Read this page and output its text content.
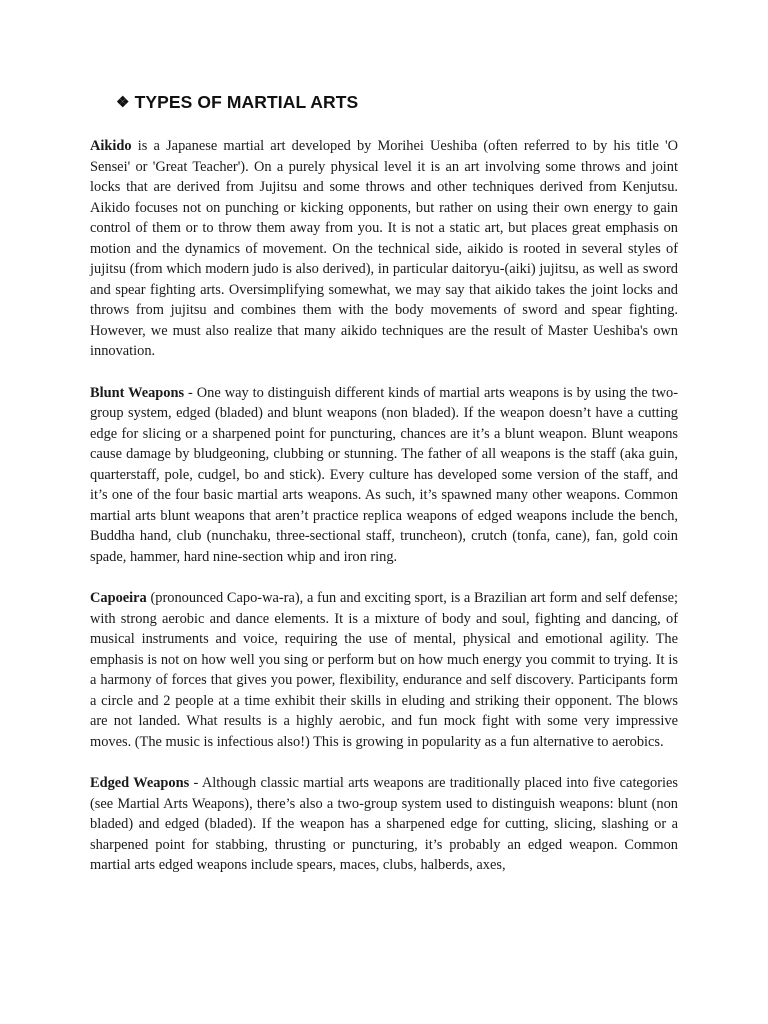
❖ TYPES OF MARTIAL ARTS

Aikido is a Japanese martial art developed by Morihei Ueshiba (often referred to by his title 'O Sensei' or 'Great Teacher'). On a purely physical level it is an art involving some throws and joint locks that are derived from Jujitsu and some throws and other techniques derived from Kenjutsu. Aikido focuses not on punching or kicking opponents, but rather on using their own energy to gain control of them or to throw them away from you. It is not a static art, but places great emphasis on motion and the dynamics of movement. On the technical side, aikido is rooted in several styles of jujitsu (from which modern judo is also derived), in particular daitoryu-(aiki) jujitsu, as well as sword and spear fighting arts. Oversimplifying somewhat, we may say that aikido takes the joint locks and throws from jujitsu and combines them with the body movements of sword and spear fighting. However, we must also realize that many aikido techniques are the result of Master Ueshiba's own innovation.

Blunt Weapons - One way to distinguish different kinds of martial arts weapons is by using the two-group system, edged (bladed) and blunt weapons (non bladed). If the weapon doesn’t have a cutting edge for slicing or a sharpened point for puncturing, chances are it’s a blunt weapon. Blunt weapons cause damage by bludgeoning, clubbing or stunning. The father of all weapons is the staff (aka guin, quarterstaff, pole, cudgel, bo and stick). Every culture has developed some version of the staff, and it’s one of the four basic martial arts weapons. As such, it’s spawned many other weapons. Common martial arts blunt weapons that aren’t practice replica weapons of edged weapons include the bench, Buddha hand, club (nunchaku, three-sectional staff, truncheon), crutch (tonfa, cane), fan, gold coin spade, hammer, hard nine-section whip and iron ring.

Capoeira (pronounced Capo-wa-ra), a fun and exciting sport, is a Brazilian art form and self defense; with strong aerobic and dance elements. It is a mixture of body and soul, fighting and dancing, of musical instruments and voice, requiring the use of mental, physical and emotional agility. The emphasis is not on how well you sing or perform but on how much energy you commit to trying. It is a harmony of forces that gives you power, flexibility, endurance and self discovery. Participants form a circle and 2 people at a time exhibit their skills in eluding and striking their opponent. The blows are not landed. What results is a highly aerobic, and fun mock fight with some very impressive moves. (The music is infectious also!) This is growing in popularity as a fun alternative to aerobics.

Edged Weapons - Although classic martial arts weapons are traditionally placed into five categories (see Martial Arts Weapons), there’s also a two-group system used to distinguish weapons: blunt (non bladed) and edged (bladed). If the weapon has a sharpened edge for cutting, slicing, slashing or a sharpened point for stabbing, thrusting or puncturing, it’s probably an edged weapon. Common martial arts edged weapons include spears, maces, clubs, halberds, axes,
